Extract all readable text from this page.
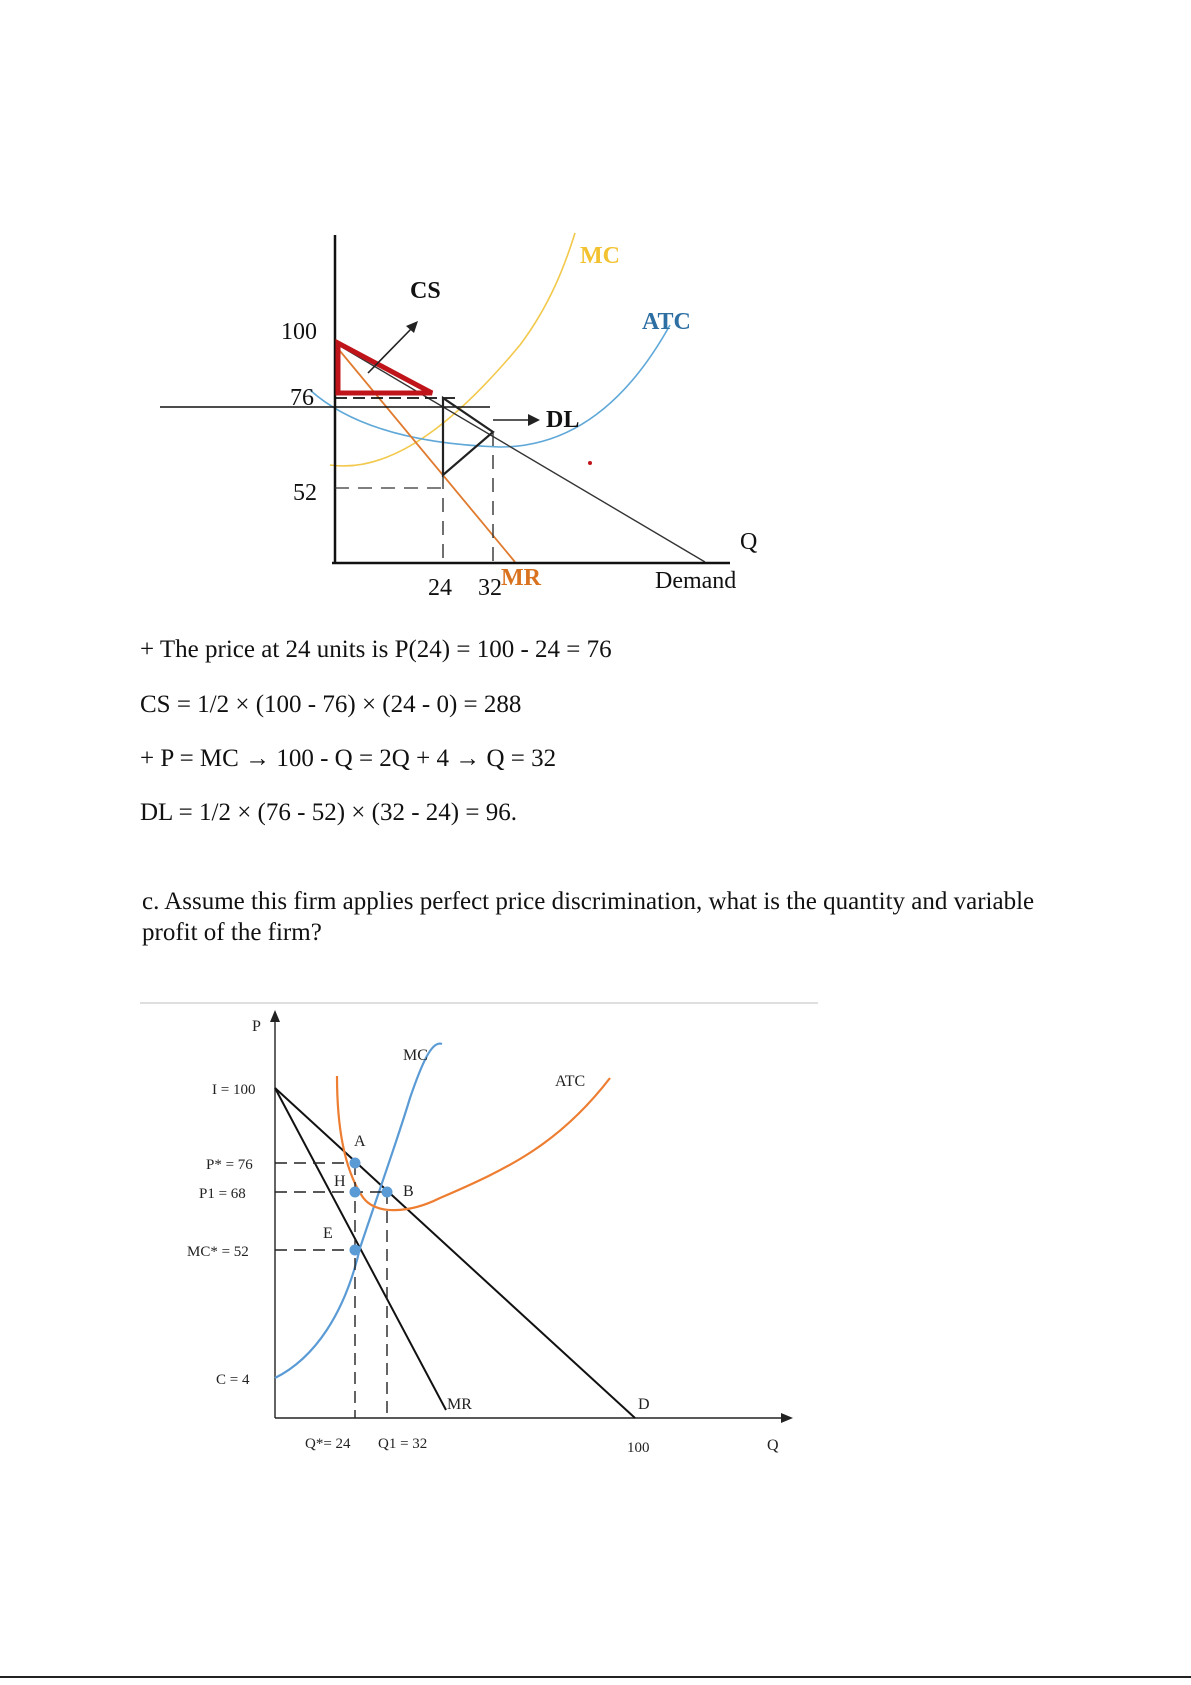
MC
ATC
CS
DL
MR	Demand
Q
100
76
52
24 32
+ The price at 24 units is P(24) = 100 - 24 = 76
CS = 1/2 × (100 - 76) × (24 - 0) = 288
+ P = MC → 100 - Q = 2Q + 4 → Q = 32
DL = 1/2 × (76 - 52) × (32 - 24) = 96.
c. Assume this firm applies perfect price discrimination, what is the quantity and variable profit of the firm?
A
H
B
E
MC
ATC
MR	D
P
Q
I = 100
P* = 76
P1 = 68
MC* = 52
C = 4
Q*= 24 Q1 = 32	100
